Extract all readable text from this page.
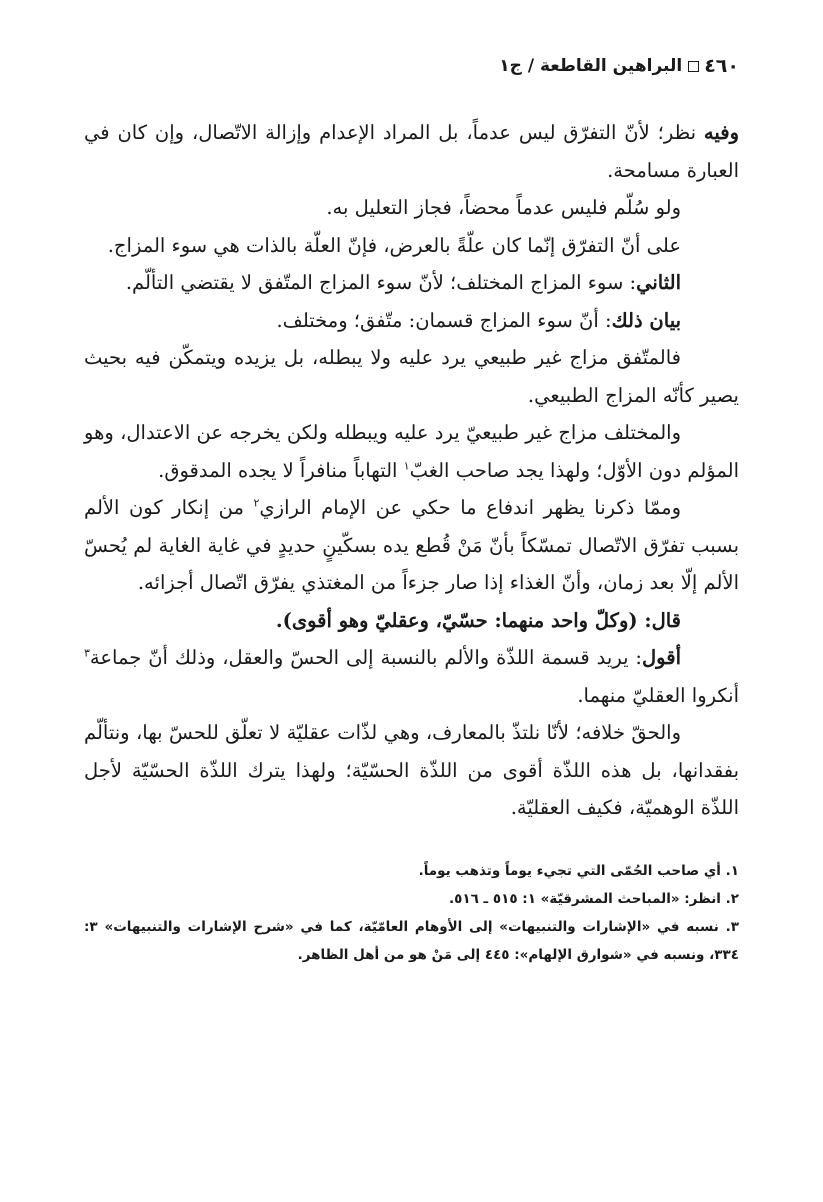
٤٦٠
البراهين القاطعة / ج١

وفيه نظر؛ لأنّ التفرّق ليس عدماً، بل المراد الإعدام وإزالة الاتّصال، وإن كان في العبارة مسامحة.

ولو سُلّم فليس عدماً محضاً، فجاز التعليل به.

على أنّ التفرّق إنّما كان علّةً بالعرض، فإنّ العلّة بالذات هي سوء المزاج.

الثاني: سوء المزاج المختلف؛ لأنّ سوء المزاج المتّفق لا يقتضي التألّم.

بيان ذلك: أنّ سوء المزاج قسمان: متّفق؛ ومختلف.

فالمتّفق مزاج غير طبيعي يرد عليه ولا يبطله، بل يزيده ويتمكّن فيه بحيث يصير كأنّه المزاج الطبيعي.

والمختلف مزاج غير طبيعيّ يرد عليه ويبطله ولكن يخرجه عن الاعتدال، وهو المؤلم دون الأوّل؛ ولهذا يجد صاحب الغبّ$^١$ التهاباً منافراً لا يجده المدقوق.

وممّا ذكرنا يظهر اندفاع ما حكي عن الإمام الرازي$^٢$ من إنكار كون الألم بسبب تفرّق الاتّصال تمسّكاً بأنّ مَنْ قُطع يده بسكّينٍ حديدٍ في غاية الغاية لم يُحسّ الألم إلّا بعد زمان، وأنّ الغذاء إذا صار جزءاً من المغتذي يفرّق اتّصال أجزائه.

قال: (وكلّ واحد منهما: حسّيّ، وعقليّ وهو أقوى).

أقول: يريد قسمة اللذّة والألم بالنسبة إلى الحسّ والعقل، وذلك أنّ جماعة$^٣$ أنكروا العقليّ منهما.

والحقّ خلافه؛ لأنّا نلتذّ بالمعارف، وهي لذّات عقليّة لا تعلّق للحسّ بها، ونتألّم بفقدانها، بل هذه اللذّة أقوى من اللذّة الحسّيّة؛ ولهذا يترك اللذّة الحسّيّة لأجل اللذّة الوهميّة، فكيف العقليّة.

١. أي صاحب الحُمّى التي تجيء يوماً وتذهب يوماً.

٢. انظر: «المباحث المشرقيّة» ١: ٥١٥ ـ ٥١٦.

٣. نسبه في «الإشارات والتنبيهات» إلى الأوهام العامّيّة، كما في «شرح الإشارات والتنبيهات» ٣: ٣٣٤، ونسبه في «شوارق الإلهام»: ٤٤٥ إلى مَنْ هو من أهل الظاهر.
